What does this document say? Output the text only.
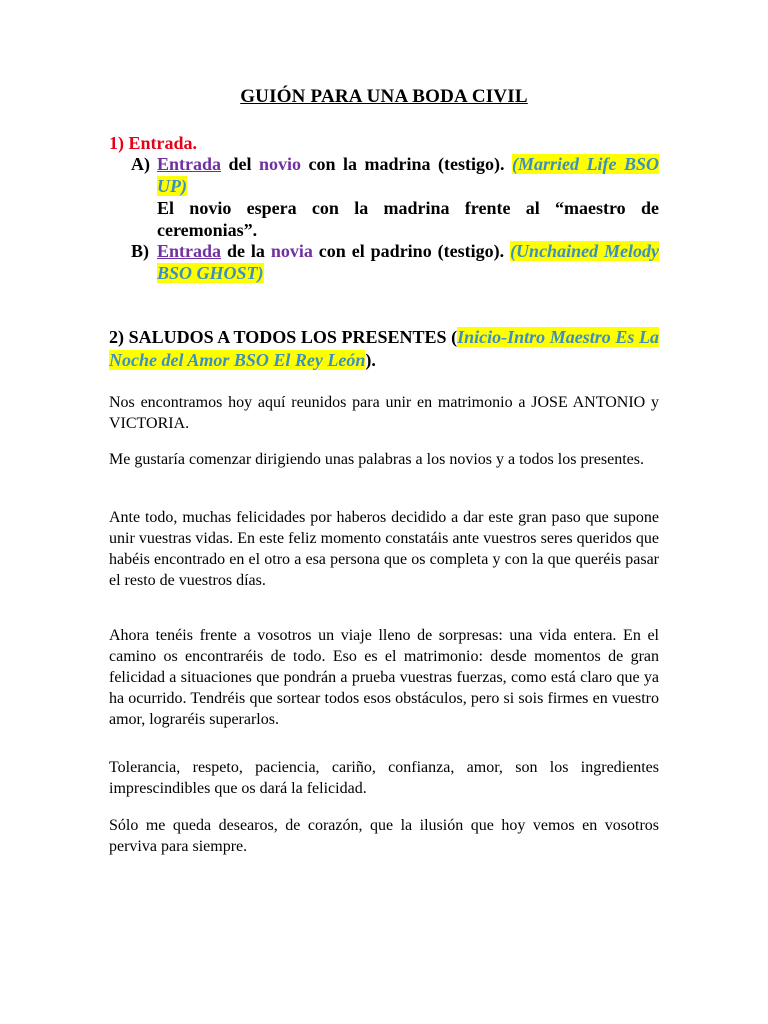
GUIÓN PARA UNA BODA CIVIL
1) Entrada.
A) Entrada del novio con la madrina (testigo). (Married Life BSO UP)
El novio espera con la madrina frente al “maestro de ceremonias”.
B) Entrada de la novia con el padrino (testigo). (Unchained Melody BSO GHOST)
2) SALUDOS A TODOS LOS PRESENTES (Inicio-Intro Maestro Es La Noche del Amor BSO El Rey León).
Nos encontramos hoy aquí reunidos para unir en matrimonio a JOSE ANTONIO y VICTORIA.
Me gustaría comenzar dirigiendo unas palabras a los novios y a todos los presentes.
Ante todo, muchas felicidades por haberos decidido a dar este gran paso que supone unir vuestras vidas. En este feliz momento constatáis ante vuestros seres queridos que habéis encontrado en el otro a esa persona que os completa y con la que queréis pasar el resto de vuestros días.
Ahora tenéis frente a vosotros un viaje lleno de sorpresas: una vida entera. En el camino os encontraréis de todo. Eso es el matrimonio: desde momentos de gran felicidad a situaciones que pondrán a prueba vuestras fuerzas, como está claro que ya ha ocurrido. Tendréis que sortear todos esos obstáculos, pero si sois firmes en vuestro amor, lograréis superarlos.
Tolerancia, respeto, paciencia, cariño, confianza, amor, son los ingredientes imprescindibles que os dará la felicidad.
Sólo me queda desearos, de corazón, que la ilusión que hoy vemos en vosotros perviva para siempre.
